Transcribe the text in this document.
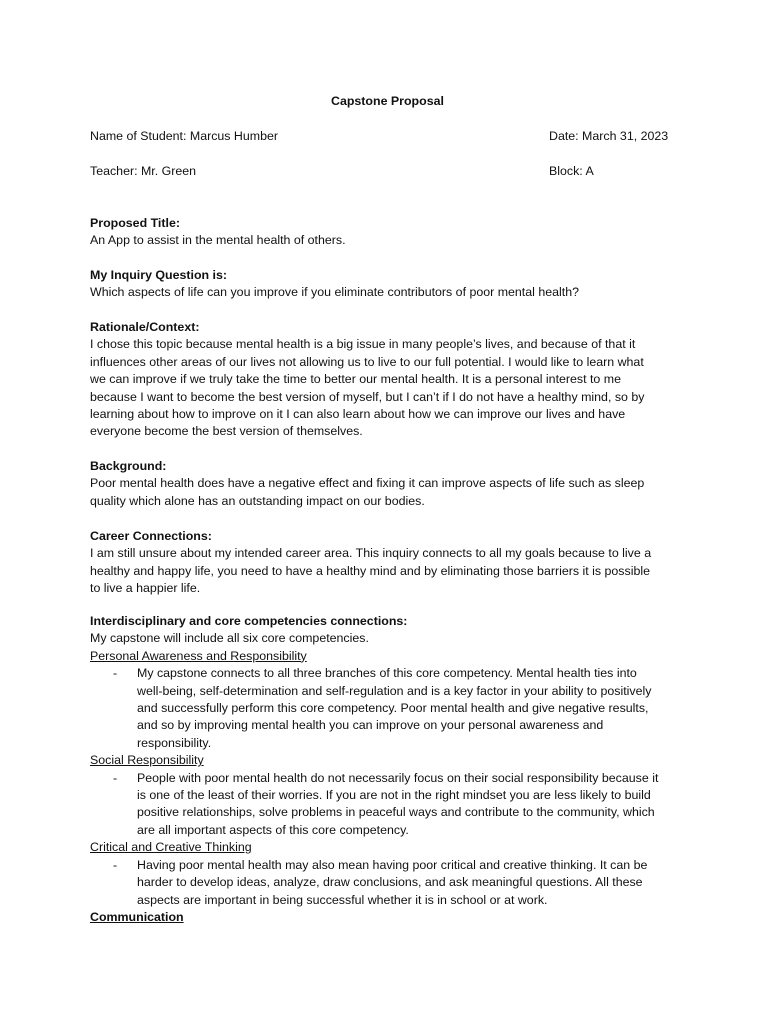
Capstone Proposal
Name of Student: Marcus Humber	Date: March 31, 2023
Teacher: Mr. Green	Block: A
Proposed Title:
An App to assist in the mental health of others.
My Inquiry Question is:
Which aspects of life can you improve if you eliminate contributors of poor mental health?
Rationale/Context:
I chose this topic because mental health is a big issue in many people’s lives, and because of that it
influences other areas of our lives not allowing us to live to our full potential. I would like to learn what
we can improve if we truly take the time to better our mental health. It is a personal interest to me
because I want to become the best version of myself, but I can’t if I do not have a healthy mind, so by
learning about how to improve on it I can also learn about how we can improve our lives and have
everyone become the best version of themselves.
Background:
Poor mental health does have a negative effect and fixing it can improve aspects of life such as sleep
quality which alone has an outstanding impact on our bodies.
Career Connections:
I am still unsure about my intended career area. This inquiry connects to all my goals because to live a
healthy and happy life, you need to have a healthy mind and by eliminating those barriers it is possible
to live a happier life.
Interdisciplinary and core competencies connections:
My capstone will include all six core competencies.
Personal Awareness and Responsibility
- My capstone connects to all three branches of this core competency. Mental health ties into
well-being, self-determination and self-regulation and is a key factor in your ability to positively
and successfully perform this core competency. Poor mental health and give negative results,
and so by improving mental health you can improve on your personal awareness and
responsibility.
Social Responsibility
- People with poor mental health do not necessarily focus on their social responsibility because it
is one of the least of their worries. If you are not in the right mindset you are less likely to build
positive relationships, solve problems in peaceful ways and contribute to the community, which
are all important aspects of this core competency.
Critical and Creative Thinking
- Having poor mental health may also mean having poor critical and creative thinking. It can be
harder to develop ideas, analyze, draw conclusions, and ask meaningful questions. All these
aspects are important in being successful whether it is in school or at work.
Communication
